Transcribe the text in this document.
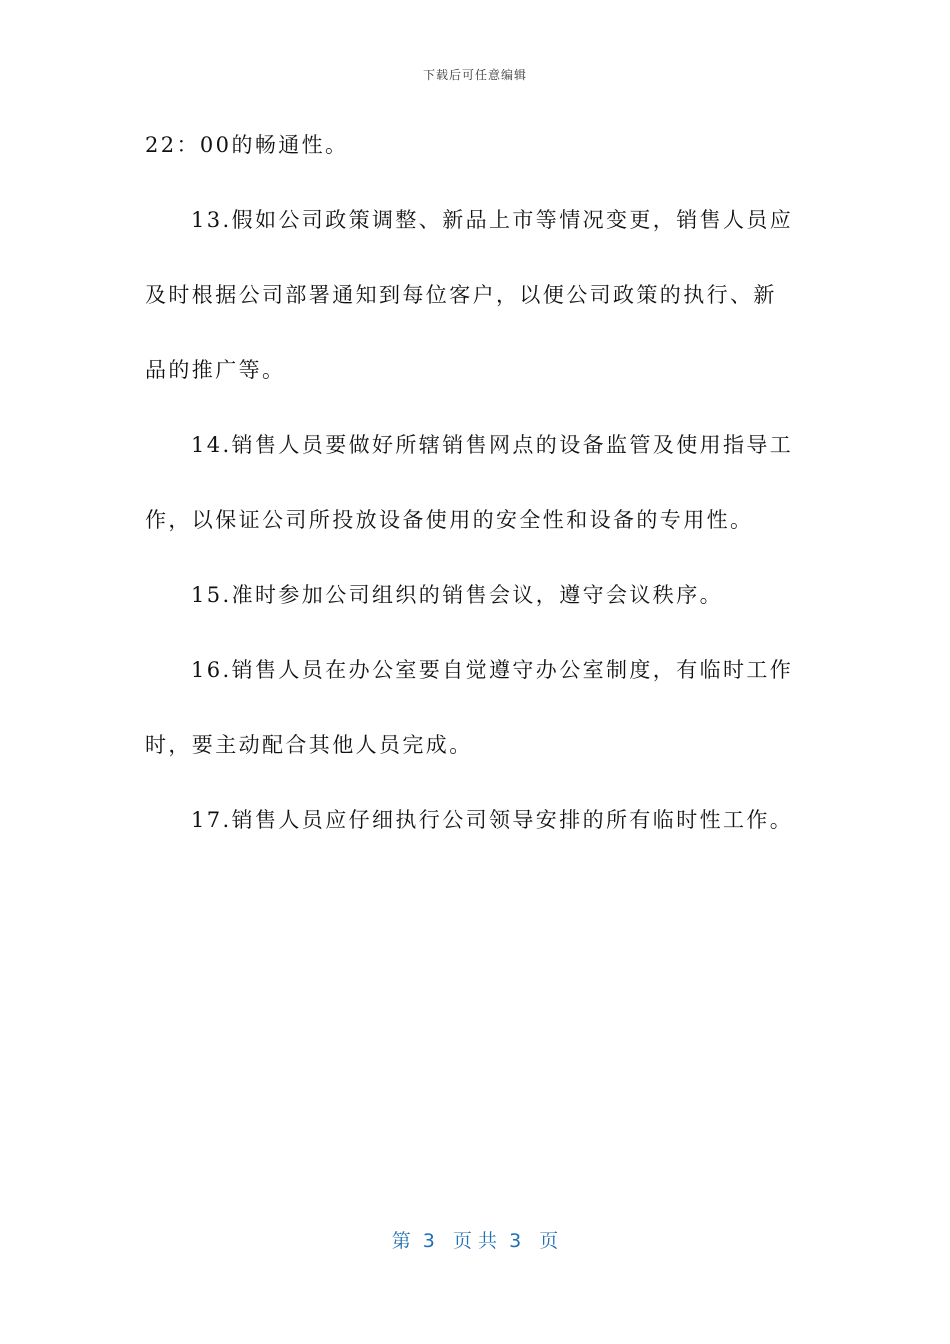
下载后可任意编辑
22：00的畅通性。
13.假如公司政策调整、新品上市等情况变更，销售人员应
及时根据公司部署通知到每位客户，以便公司政策的执行、新
品的推广等。
14.销售人员要做好所辖销售网点的设备监管及使用指导工
作，以保证公司所投放设备使用的安全性和设备的专用性。
15.准时参加公司组织的销售会议，遵守会议秩序。
16.销售人员在办公室要自觉遵守办公室制度，有临时工作
时，要主动配合其他人员完成。
17.销售人员应仔细执行公司领导安排的所有临时性工作。
第  3   页 共  3   页
